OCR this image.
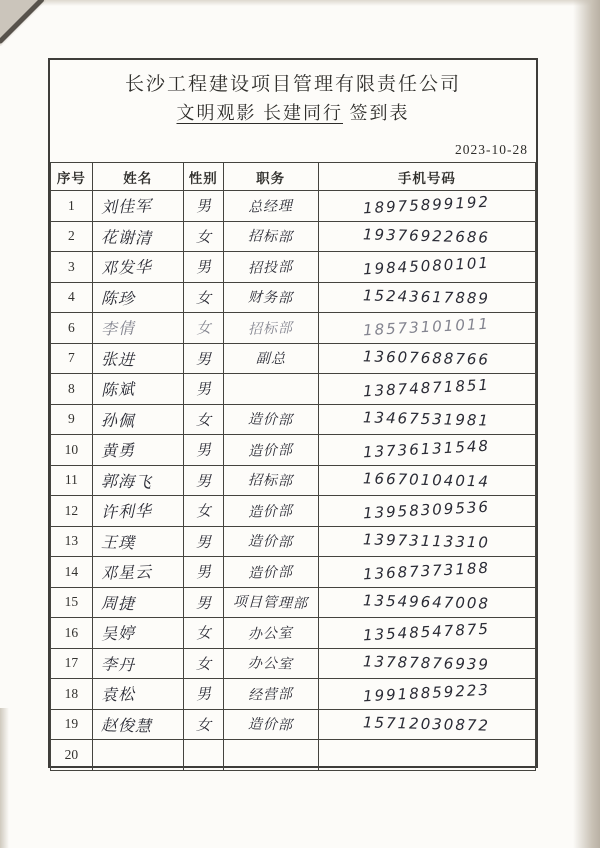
长沙工程建设项目管理有限责任公司
文明观影 长建同行 签到表
2023-10-28
序号	姓名	性别	职务	手机号码
1	刘佳军	男	总经理	18975899192
2	花谢清	女	招标部	19376922686
3	邓发华	男	招投部	19845080101
4	陈珍	女	财务部	15243617889
6	李倩	女	招标部	18573101011
7	张进	男	副总	13607688766
8	陈斌	男		13874871851
9	孙佩	女	造价部	13467531981
10	黄勇	男	造价部	13736131548
11	郭海飞	男	招标部	16670104014
12	许利华	女	造价部	13958309536
13	王璞	男	造价部	13973113310
14	邓星云	男	造价部	13687373188
15	周捷	男	项目管理部	13549647008
16	吴婷	女	办公室	13548547875
17	李丹	女	办公室	13787876939
18	袁松	男	经营部	19918859223
19	赵俊慧	女	造价部	15712030872
20				
